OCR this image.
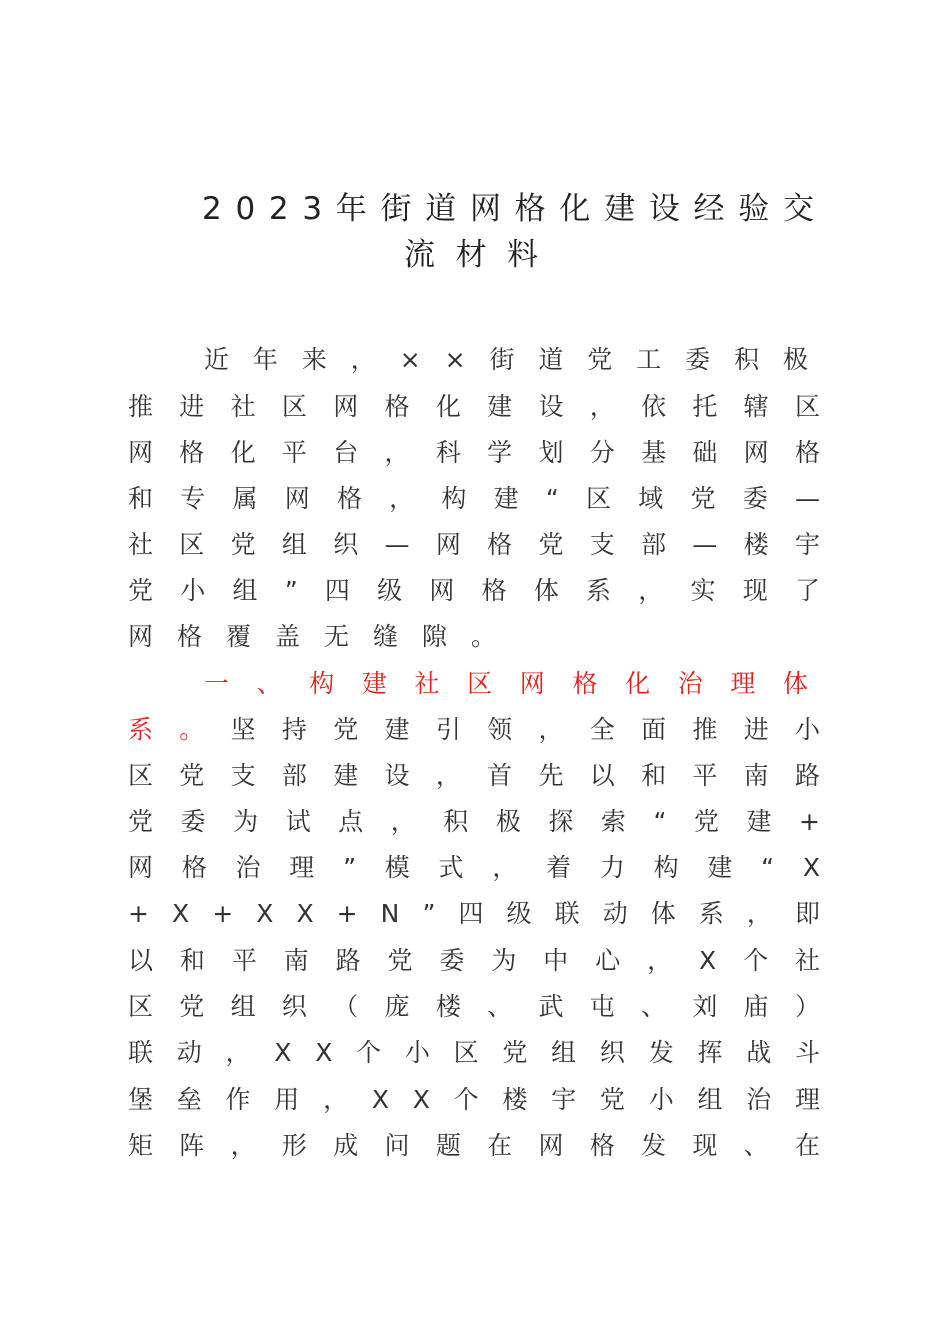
2023年街道网格化建设经验交
流材料
近年来，××街道党工委积极
推进社区网格化建设，依托辖区
网格化平台，科学划分基础网格
和专属网格，构建“区域党委—
社区党组织—网格党支部—楼宇
党小组”四级网格体系，实现了
网格覆盖无缝隙。
一、构建社区网格化治理体
系。坚持党建引领，全面推进小
区党支部建设，首先以和平南路
党委为试点，积极探索“党建+
网格治理”模式，着力构建“X
+X+XX+N”四级联动体系，即
以和平南路党委为中心，X个社
区党组织（庞楼、武屯、刘庙）
联动，XX个小区党组织发挥战斗
堡垒作用，XX个楼宇党小组治理
矩阵，形成问题在网格发现、在
